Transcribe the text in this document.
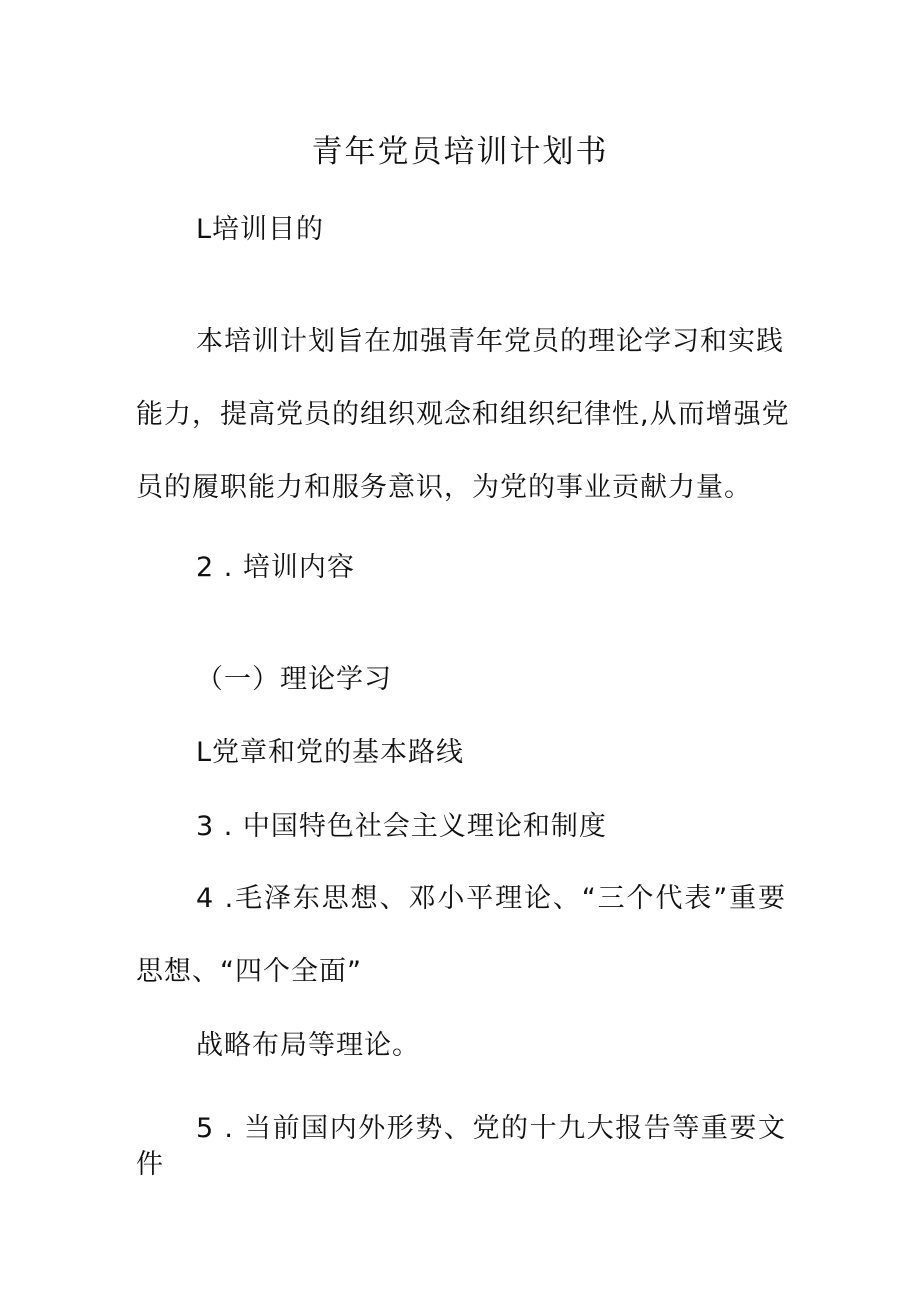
青年党员培训计划书
L培训目的
本培训计划旨在加强青年党员的理论学习和实践
能力，提高党员的组织观念和组织纪律性,从而增强党
员的履职能力和服务意识，为党的事业贡献力量。
2 . 培训内容
（一）理论学习
L党章和党的基本路线
3 . 中国特色社会主义理论和制度
4 .毛泽东思想、邓小平理论、“三个代表”重要
思想、“四个全面”
战略布局等理论。
5 . 当前国内外形势、党的十九大报告等重要文
件
